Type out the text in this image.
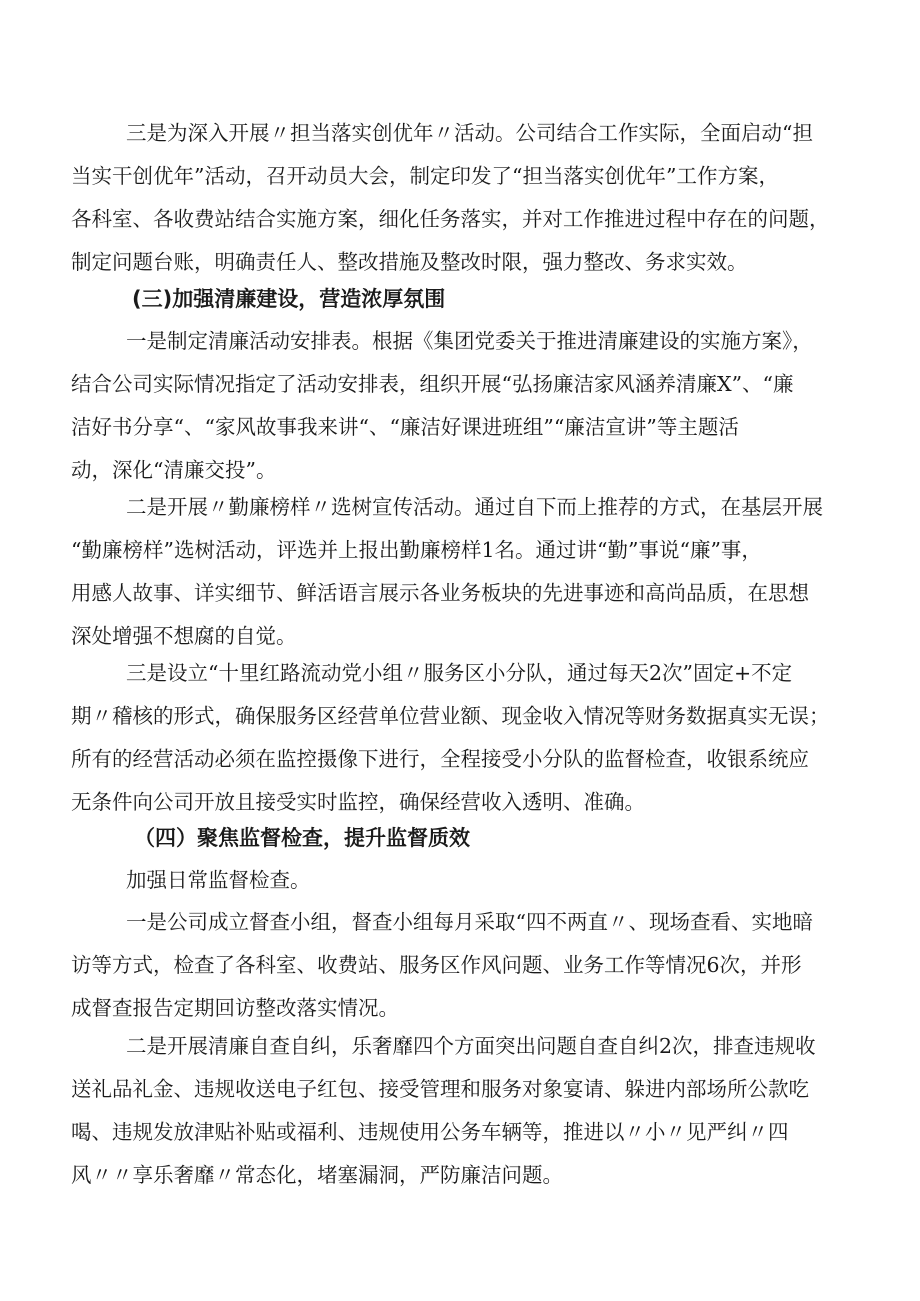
三是为深入开展〃担当落实创优年〃活动。公司结合工作实际，全面启动“担

当实干创优年”活动，召开动员大会，制定印发了“担当落实创优年”工作方案，

各科室、各收费站结合实施方案，细化任务落实，并对工作推进过程中存在的问题，

制定问题台账，明确责任人、整改措施及整改时限，强力整改、务求实效。

(三)加强清廉建设，营造浓厚氛围

一是制定清廉活动安排表。根据《集团党委关于推进清廉建设的实施方案》，

结合公司实际情况指定了活动安排表，组织开展“弘扬廉洁家风涵养清廉X”、“廉

洁好书分享“、“家风故事我来讲“、“廉洁好课进班组”“廉洁宣讲”等主题活

动，深化“清廉交投”。

二是开展〃勤廉榜样〃选树宣传活动。通过自下而上推荐的方式，在基层开展

“勤廉榜样”选树活动，评选并上报出勤廉榜样1名。通过讲“勤”事说“廉”事，

用感人故事、详实细节、鲜活语言展示各业务板块的先进事迹和高尚品质，在思想

深处增强不想腐的自觉。

三是设立“十里红路流动党小组〃服务区小分队，通过每天2次”固定+不定

期〃稽核的形式，确保服务区经营单位营业额、现金收入情况等财务数据真实无误；

所有的经营活动必须在监控摄像下进行，全程接受小分队的监督检查，收银系统应

无条件向公司开放且接受实时监控，确保经营收入透明、准确。

（四）聚焦监督检查，提升监督质效

加强日常监督检查。

一是公司成立督查小组，督查小组每月采取“四不两直〃、现场查看、实地暗

访等方式，检查了各科室、收费站、服务区作风问题、业务工作等情况6次，并形

成督查报告定期回访整改落实情况。

二是开展清廉自查自纠，乐奢靡四个方面突出问题自查自纠2次，排查违规收

送礼品礼金、违规收送电子红包、接受管理和服务对象宴请、躲进内部场所公款吃

喝、违规发放津贴补贴或福利、违规使用公务车辆等，推进以〃小〃见严纠〃四

风〃〃享乐奢靡〃常态化，堵塞漏洞，严防廉洁问题。
